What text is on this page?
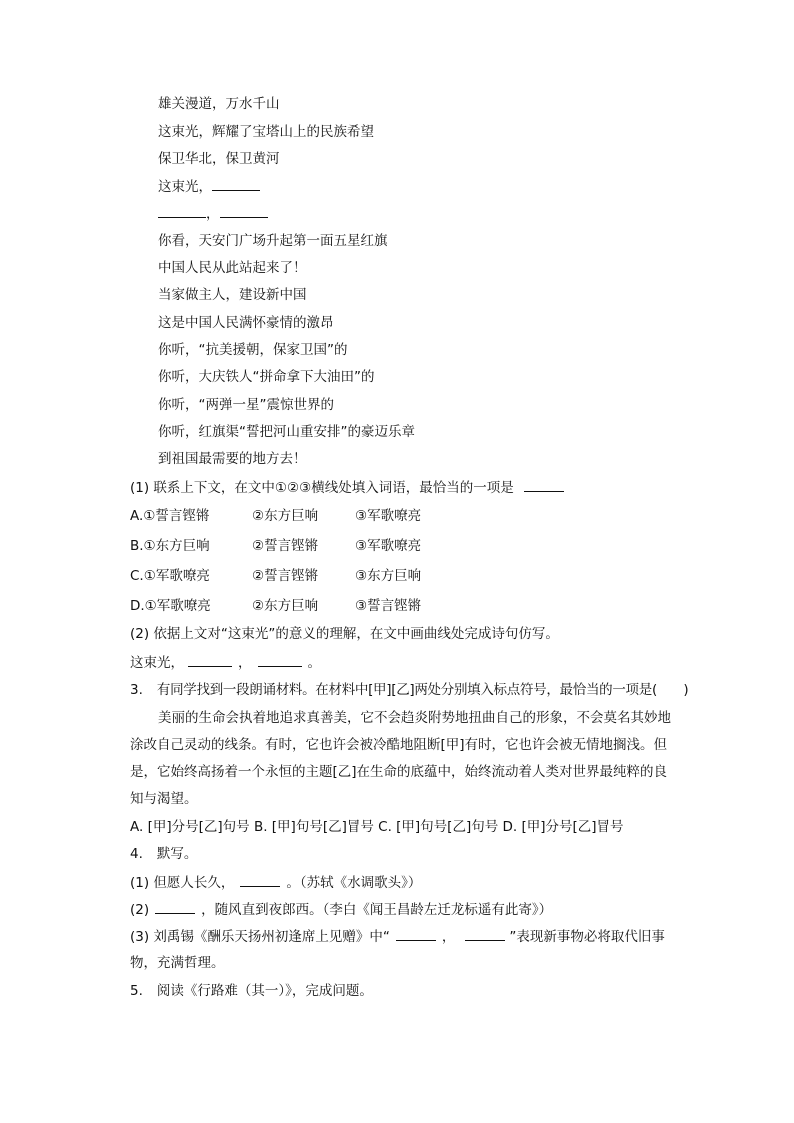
雄关漫道，万水千山
这束光，辉耀了宝塔山上的民族希望
保卫华北，保卫黄河
这束光，
，
你看，天安门广场升起第一面五星红旗
中国人民从此站起来了！
当家做主人，建设新中国
这是中国人民满怀豪情的激昂
你听，“抗美援朝，保家卫国”的
你听，大庆铁人“拼命拿下大油田”的
你听，“两弹一星”震惊世界的
你听，红旗渠“誓把河山重安排”的豪迈乐章
到祖国最需要的地方去！
(1) 联系上下文，在文中①②③横线处填入词语，最恰当的一项是
A.①誓言铿锵	②东方巨响	③军歌嘹亮
B.①东方巨响	②誓言铿锵	③军歌嘹亮
C.①军歌嘹亮	②誓言铿锵	③东方巨响
D.①军歌嘹亮	②东方巨响	③誓言铿锵
(2) 依据上文对“这束光”的意义的理解，在文中画曲线处完成诗句仿写。
这束光，	，	。
3. 有同学找到一段朗诵材料。在材料中[甲][乙]两处分别填入标点符号，最恰当的一项是(　　)
美丽的生命会执着地追求真善美，它不会趋炎附势地扭曲自己的形象，不会莫名其妙地
涂改自己灵动的线条。有时，它也许会被冷酷地阻断[甲]有时，它也许会被无情地搁浅。但
是，它始终高扬着一个永恒的主题[乙]在生命的底蕴中，始终流动着人类对世界最纯粹的良
知与渴望。
A. [甲]分号[乙]句号 B. [甲]句号[乙]冒号 C. [甲]句号[乙]句号 D. [甲]分号[乙]冒号
4. 默写。
(1) 但愿人长久，	。（苏轼《水调歌头》）
(2)	，随风直到夜郎西。（李白《闻王昌龄左迁龙标遥有此寄》）
(3) 刘禹锡《酬乐天扬州初逢席上见赠》中“	，	”表现新事物必将取代旧事
物，充满哲理。
5. 阅读《行路难（其一）》，完成问题。
